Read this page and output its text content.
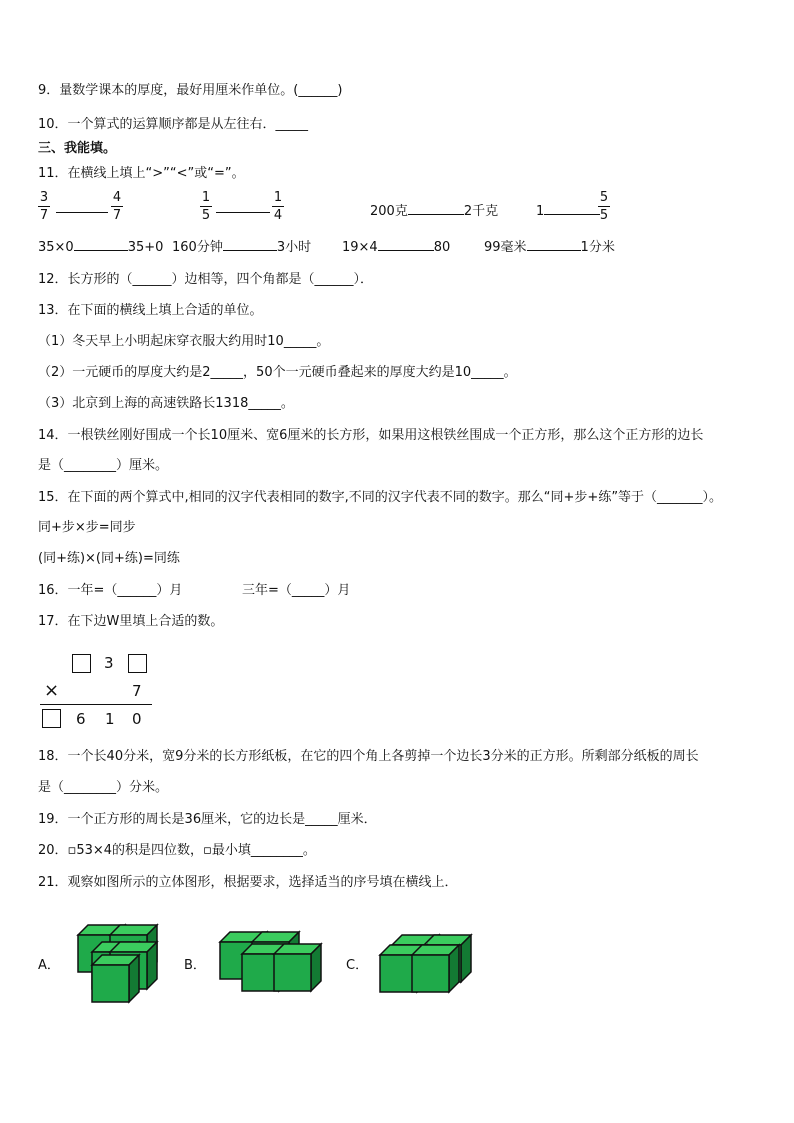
9．量数学课本的厚度，最好用厘米作单位。(______)
10．一个算式的运算顺序都是从左往右．_____
三、我能填。
11．在横线上填上“>”“<”或“=”。
$\frac{3}{7}$	$\frac{4}{7}$	$\frac{1}{5}$	$\frac{1}{4}$	200克	2千克	1	$\frac{5}{5}$
35×0	35+0 160分钟	3小时 19×4	80	99毫米	1分米
12．长方形的（______）边相等，四个角都是（______）．
13．在下面的横线上填上合适的单位。
（1）冬天早上小明起床穿衣服大约用时10_____。
（2）一元硬币的厚度大约是2_____，50个一元硬币叠起来的厚度大约是10_____。
（3）北京到上海的高速铁路长1318_____。
14．一根铁丝刚好围成一个长10厘米、宽6厘米的长方形，如果用这根铁丝围成一个正方形，那么这个正方形的边长
是（________）厘米。
15．在下面的两个算式中,相同的汉字代表相同的数字,不同的汉字代表不同的数字。那么“同+步+练”等于（_______）。
同+步×步=同步
(同+练)×(同+练)=同练
16．一年=（______）月	三年=（_____）月
17．在下边W里填上合适的数。
3
×	7
6 1 0
18．一个长40分米，宽9分米的长方形纸板，在它的四个角上各剪掉一个边长3分米的正方形。所剩部分纸板的周长
是（________）分米。
19．一个正方形的周长是36厘米，它的边长是_____厘米．
20．▫53×4的积是四位数，▫最小填________。
21．观察如图所示的立体图形，根据要求，选择适当的序号填在横线上．
A．	B．	C．
